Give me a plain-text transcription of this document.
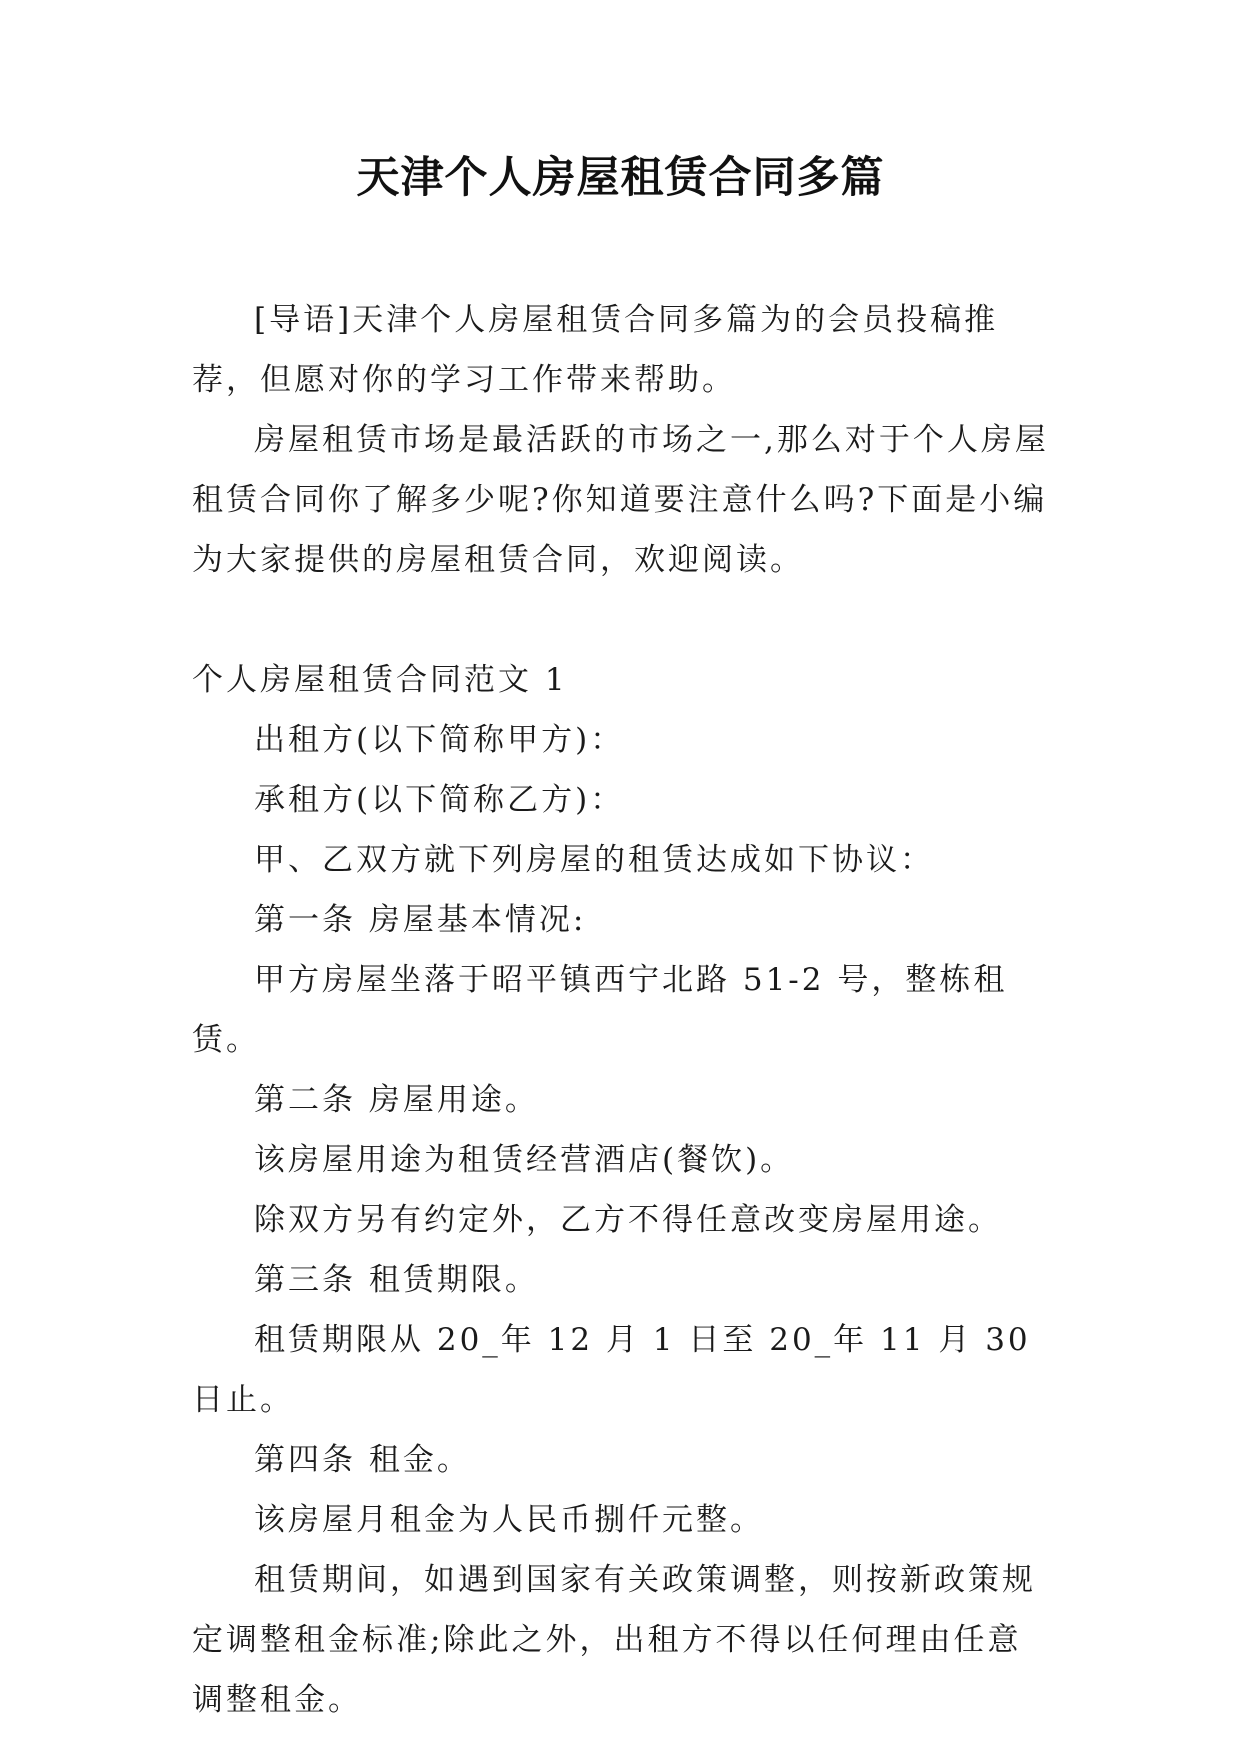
天津个人房屋租赁合同多篇

[导语]天津个人房屋租赁合同多篇为的会员投稿推荐，但愿对你的学习工作带来帮助。

房屋租赁市场是最活跃的市场之一,那么对于个人房屋租赁合同你了解多少呢?你知道要注意什么吗?下面是小编为大家提供的房屋租赁合同，欢迎阅读。

个人房屋租赁合同范文 1

出租方(以下简称甲方)：

承租方(以下简称乙方)：

甲、乙双方就下列房屋的租赁达成如下协议：

第一条 房屋基本情况:

甲方房屋坐落于昭平镇西宁北路 51-2 号，整栋租赁。

第二条 房屋用途。

该房屋用途为租赁经营酒店(餐饮)。

除双方另有约定外，乙方不得任意改变房屋用途。

第三条 租赁期限。

租赁期限从 20_年 12 月 1 日至 20_年 11 月 30 日止。

第四条 租金。

该房屋月租金为人民币捌仟元整。

租赁期间，如遇到国家有关政策调整，则按新政策规定调整租金标准;除此之外，出租方不得以任何理由任意调整租金。
